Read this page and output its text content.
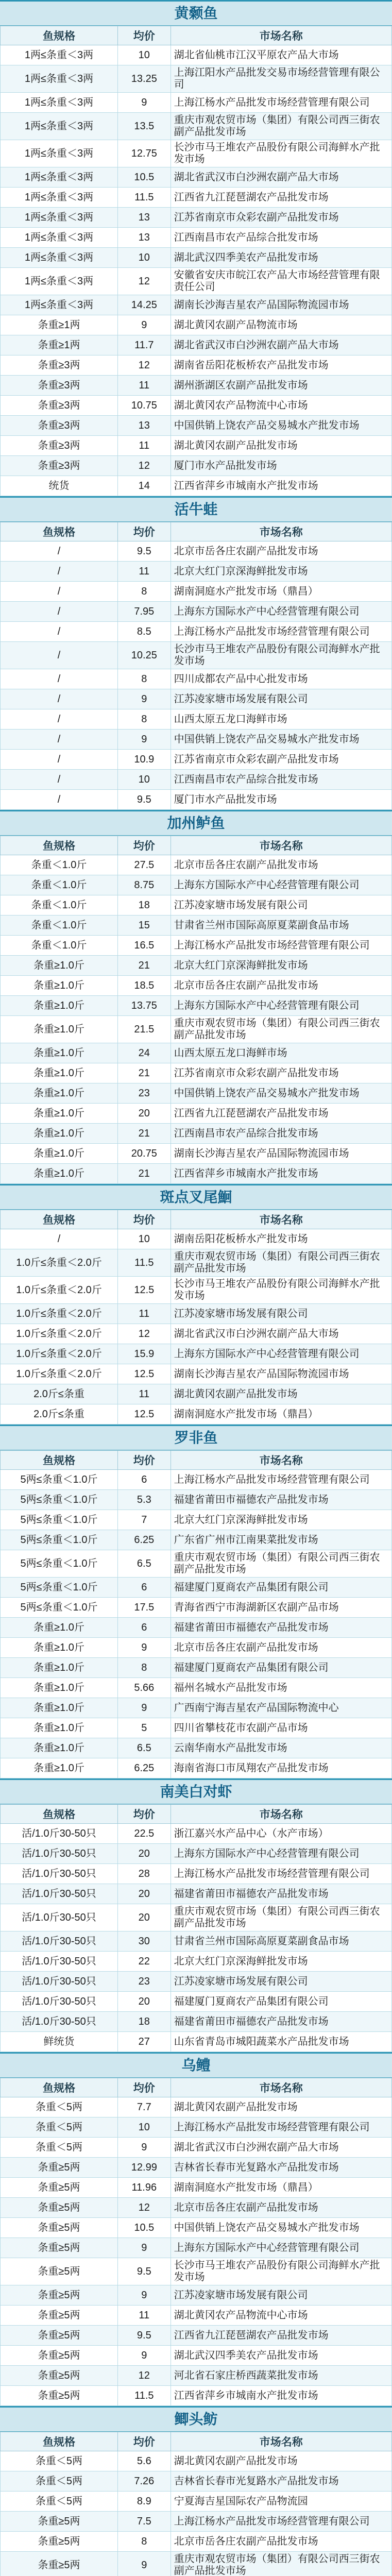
黄颡鱼
鱼规格	均价	市场名称
1两≤条重＜3两	10	湖北省仙桃市江汉平原农产品大市场
1两≤条重＜3两	13.25	上海江阳水产品批发交易市场经营管理有限公司
1两≤条重＜3两	9	上海江杨水产品批发市场经营管理有限公司
1两≤条重＜3两	13.5	重庆市观农贸市场（集团）有限公司西三街农副产品批发市场
1两≤条重＜3两	12.75	长沙市马王堆农产品股份有限公司海鲜水产批发市场
1两≤条重＜3两	10.5	湖北省武汉市白沙洲农副产品大市场
1两≤条重＜3两	11.5	江西省九江琵琶湖农产品批发市场
1两≤条重＜3两	13	江苏省南京市众彩农副产品批发市场
1两≤条重＜3两	13	江西南昌市农产品综合批发市场
1两≤条重＜3两	10	湖北武汉四季美农产品批发市场
1两≤条重＜3两	12	安徽省安庆市皖江农产品大市场经营管理有限责任公司
1两≤条重＜3两	14.25	湖南长沙海吉星农产品国际物流园市场
条重≥1两	9	湖北黄冈农副产品物流市场
条重≥1两	11.7	湖北省武汉市白沙洲农副产品大市场
条重≥3两	12	湖南省岳阳花板桥农产品批发市场
条重≥3两	11	湖州浙湖区农副产品批发市场
条重≥3两	10.75	湖北黄冈农产品物流中心市场
条重≥3两	13	中国供销上饶农产品交易城水产批发市场
条重≥3两	11	湖北黄冈农副产品批发市场
条重≥3两	12	厦门市水产品批发市场
统货	14	江西省萍乡市城南水产批发市场
活牛蛙
鱼规格	均价	市场名称
/	9.5	北京市岳各庄农副产品批发市场
/	11	北京大红门京深海鲜批发市场
/	8	湖南洞庭水产批发市场（鼎昌）
/	7.95	上海东方国际水产中心经营管理有限公司
/	8.5	上海江杨水产品批发市场经营管理有限公司
/	10.25	长沙市马王堆农产品股份有限公司海鲜水产批发市场
/	8	四川成都农产品中心批发市场
/	9	江苏凌家塘市场发展有限公司
/	8	山西太原五龙口海鲜市场
/	9	中国供销上饶农产品交易城水产批发市场
/	10.9	江苏省南京市众彩农副产品批发市场
/	10	江西南昌市农产品综合批发市场
/	9.5	厦门市水产品批发市场
加州鲈鱼
鱼规格	均价	市场名称
条重＜1.0斤	27.5	北京市岳各庄农副产品批发市场
条重＜1.0斤	8.75	上海东方国际水产中心经营管理有限公司
条重＜1.0斤	18	江苏凌家塘市场发展有限公司
条重＜1.0斤	15	甘肃省兰州市国际高原夏菜副食品市场
条重＜1.0斤	16.5	上海江杨水产品批发市场经营管理有限公司
条重≥1.0斤	21	北京大红门京深海鲜批发市场
条重≥1.0斤	18.5	北京市岳各庄农副产品批发市场
条重≥1.0斤	13.75	上海东方国际水产中心经营管理有限公司
条重≥1.0斤	21.5	重庆市观农贸市场（集团）有限公司西三街农副产品批发市场
条重≥1.0斤	24	山西太原五龙口海鲜市场
条重≥1.0斤	21	江苏省南京市众彩农副产品批发市场
条重≥1.0斤	23	中国供销上饶农产品交易城水产批发市场
条重≥1.0斤	20	江西省九江琵琶湖农产品批发市场
条重≥1.0斤	21	江西南昌市农产品综合批发市场
条重≥1.0斤	20.75	湖南长沙海吉星农产品国际物流园市场
条重≥1.0斤	21	江西省萍乡市城南水产批发市场
斑点叉尾鮰
鱼规格	均价	市场名称
/	10	湖南岳阳花板桥水产批发市场
1.0斤≤条重＜2.0斤	11.5	重庆市观农贸市场（集团）有限公司西三街农副产品批发市场
1.0斤≤条重＜2.0斤	12.5	长沙市马王堆农产品股份有限公司海鲜水产批发市场
1.0斤≤条重＜2.0斤	11	江苏凌家塘市场发展有限公司
1.0斤≤条重＜2.0斤	12	湖北省武汉市白沙洲农副产品大市场
1.0斤≤条重＜2.0斤	15.9	上海东方国际水产中心经营管理有限公司
1.0斤≤条重＜2.0斤	12.5	湖南长沙海吉星农产品国际物流园市场
2.0斤≤条重	11	湖北黄冈农副产品批发市场
2.0斤≤条重	12.5	湖南洞庭水产批发市场（鼎昌）
罗非鱼
鱼规格	均价	市场名称
5两≤条重＜1.0斤	6	上海江杨水产品批发市场经营管理有限公司
5两≤条重＜1.0斤	5.3	福建省莆田市福德农产品批发市场
5两≤条重＜1.0斤	7	北京大红门京深海鲜批发市场
5两≤条重＜1.0斤	6.25	广东省广州市江南果菜批发市场
5两≤条重＜1.0斤	6.5	重庆市观农贸市场（集团）有限公司西三街农副产品批发市场
5两≤条重＜1.0斤	6	福建厦门夏商农产品集团有限公司
5两≤条重＜1.0斤	17.5	青海省西宁市海湖新区农副产品市场
条重≥1.0斤	6	福建省莆田市福德农产品批发市场
条重≥1.0斤	9	北京市岳各庄农副产品批发市场
条重≥1.0斤	8	福建厦门夏商农产品集团有限公司
条重≥1.0斤	5.66	福州名城水产品批发市场
条重≥1.0斤	9	广西南宁海吉星农产品国际物流中心
条重≥1.0斤	5	四川省攀枝花市农副产品市场
条重≥1.0斤	6.5	云南华南水产品批发市场
条重≥1.0斤	6.25	海南省海口市凤翔农产品批发市场
南美白对虾
鱼规格	均价	市场名称
活/1.0斤30-50只	22.5	浙江嘉兴水产品中心（水产市场）
活/1.0斤30-50只	20	上海东方国际水产中心经营管理有限公司
活/1.0斤30-50只	28	上海江杨水产品批发市场经营管理有限公司
活/1.0斤30-50只	20	福建省莆田市福德农产品批发市场
活/1.0斤30-50只	20	重庆市观农贸市场（集团）有限公司西三街农副产品批发市场
活/1.0斤30-50只	30	甘肃省兰州市国际高原夏菜副食品市场
活/1.0斤30-50只	22	北京大红门京深海鲜批发市场
活/1.0斤30-50只	23	江苏凌家塘市场发展有限公司
活/1.0斤30-50只	20	福建厦门夏商农产品集团有限公司
活/1.0斤30-50只	18	福建省莆田市福德农产品批发市场
鲜统货	27	山东省青岛市城阳蔬菜水产品批发市场
乌鳢
鱼规格	均价	市场名称
条重＜5两	7.7	湖北黄冈农副产品批发市场
条重＜5两	10	上海江杨水产品批发市场经营管理有限公司
条重＜5两	9	湖北省武汉市白沙洲农副产品大市场
条重≥5两	12.99	吉林省长春市光复路水产品批发市场
条重≥5两	11.96	湖南洞庭水产批发市场（鼎昌）
条重≥5两	12	北京市岳各庄农副产品批发市场
条重≥5两	10.5	中国供销上饶农产品交易城水产批发市场
条重≥5两	9	上海东方国际水产中心经营管理有限公司
条重≥5两	9.5	长沙市马王堆农产品股份有限公司海鲜水产批发市场
条重≥5两	9	江苏凌家塘市场发展有限公司
条重≥5两	11	湖北黄冈农产品物流中心市场
条重≥5两	9.5	江西省九江琵琶湖农产品批发市场
条重≥5两	9	湖北武汉四季美农产品批发市场
条重≥5两	12	河北省石家庄桥西蔬菜批发市场
条重≥5两	11.5	江西省萍乡市城南水产批发市场
鲫头鲂
鱼规格	均价	市场名称
条重＜5两	5.6	湖北黄冈农副产品批发市场
条重＜5两	7.26	吉林省长春市光复路水产品批发市场
条重＜5两	8.9	宁夏海吉星国际农产品物流园
条重≥5两	7.5	上海江杨水产品批发市场经营管理有限公司
条重≥5两	8	北京市岳各庄农副产品批发市场
条重≥5两	9	重庆市观农贸市场（集团）有限公司西三街农副产品批发市场
